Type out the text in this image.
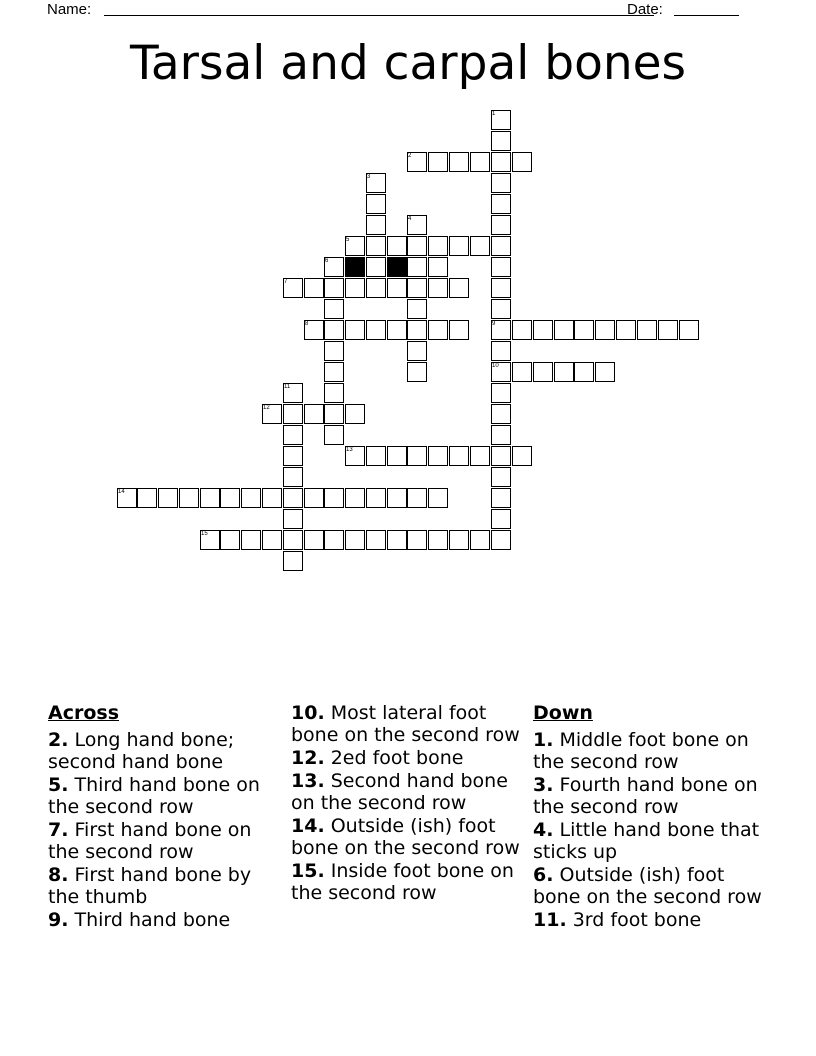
Name:	Date:
Tarsal and carpal bones
1
2
3
4
5
6
7
8	9
10
11
12
13
14
15
Across
2. Long hand bone; second hand bone
5. Third hand bone on the second row
7. First hand bone on the second row
8. First hand bone by the thumb
9. Third hand bone
10. Most lateral foot bone on the second row
12. 2ed foot bone
13. Second hand bone on the second row
14. Outside (ish) foot bone on the second row
15. Inside foot bone on the second row
Down
1. Middle foot bone on the second row
3. Fourth hand bone on the second row
4. Little hand bone that sticks up
6. Outside (ish) foot bone on the second row
11. 3rd foot bone
